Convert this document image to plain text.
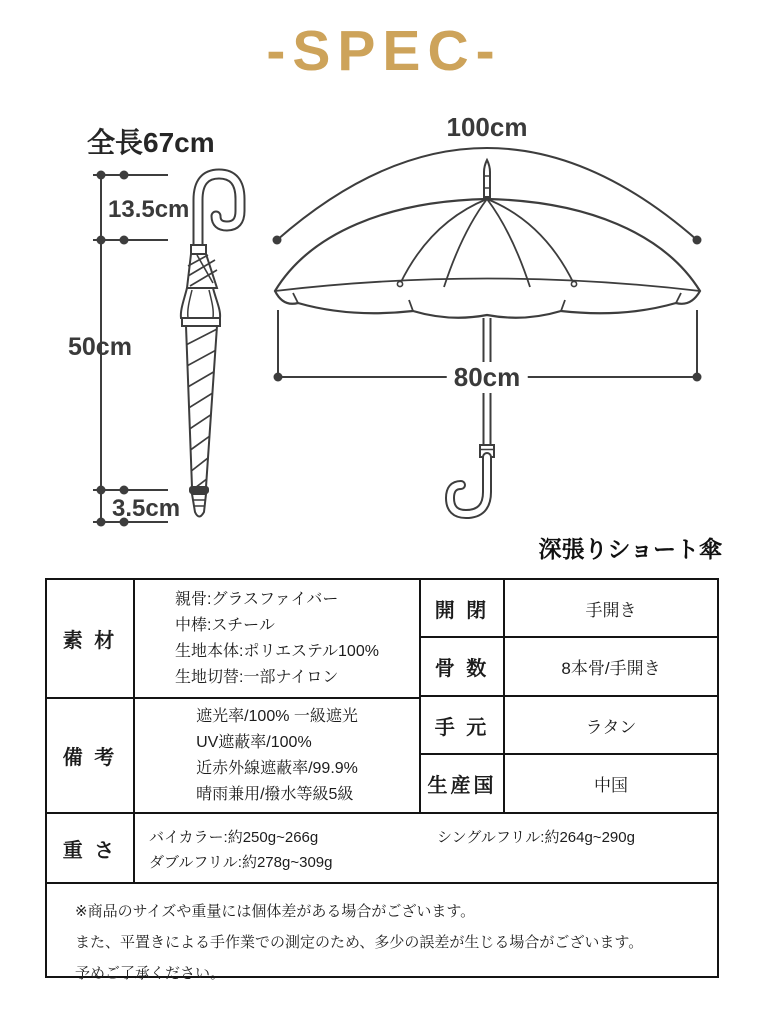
-SPEC-
全長67cm
13.5cm
50cm
3.5cm
100cm
80cm
深張りショート傘
素 材
親骨:グラスファイバー
中棒:スチール
生地本体:ポリエステル100%
生地切替:一部ナイロン
備 考
遮光率/100% 一級遮光
UV遮蔽率/100%
近赤外線遮蔽率/99.9%
晴雨兼用/撥水等級5級
開 閉	手開き
骨 数	8本骨/手開き
手 元	ラタン
生産国	中国
重 さ
バイカラー:約250g~266g
ダブルフリル:約278g~309g
シングルフリル:約264g~290g
※商品のサイズや重量には個体差がある場合がございます。
また、平置きによる手作業での測定のため、多少の誤差が生じる場合がございます。
予めご了承ください。
